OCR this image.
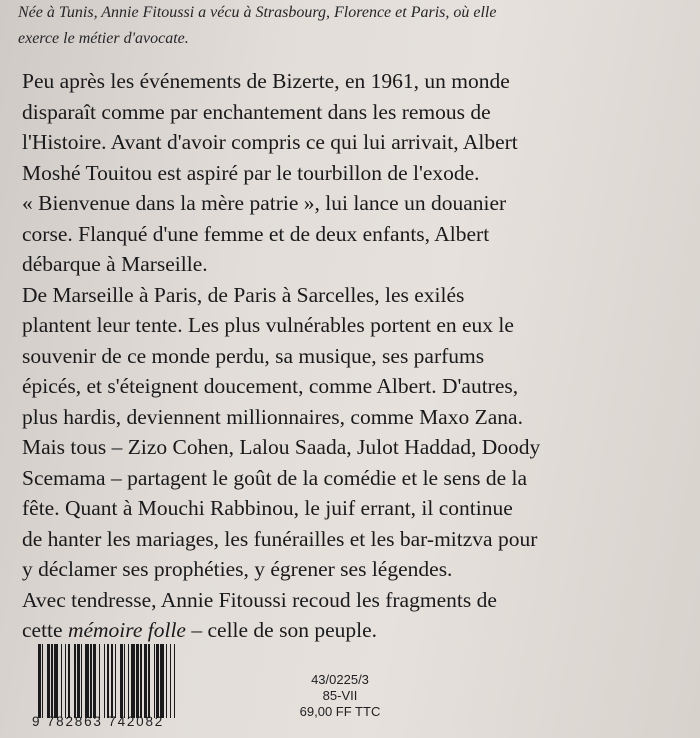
Née à Tunis, Annie Fitoussi a vécu à Strasbourg, Florence et Paris, où elle
exerce le métier d'avocate.
Peu après les événements de Bizerte, en 1961, un monde
disparaît comme par enchantement dans les remous de
l'Histoire. Avant d'avoir compris ce qui lui arrivait, Albert
Moshé Touitou est aspiré par le tourbillon de l'exode.
« Bienvenue dans la mère patrie », lui lance un douanier
corse. Flanqué d'une femme et de deux enfants, Albert
débarque à Marseille.
De Marseille à Paris, de Paris à Sarcelles, les exilés
plantent leur tente. Les plus vulnérables portent en eux le
souvenir de ce monde perdu, sa musique, ses parfums
épicés, et s'éteignent doucement, comme Albert. D'autres,
plus hardis, deviennent millionnaires, comme Maxo Zana.
Mais tous – Zizo Cohen, Lalou Saada, Julot Haddad, Doody
Scemama – partagent le goût de la comédie et le sens de la
fête. Quant à Mouchi Rabbinou, le juif errant, il continue
de hanter les mariages, les funérailles et les bar-mitzva pour
y déclamer ses prophéties, y égrener ses légendes.
Avec tendresse, Annie Fitoussi recoud les fragments de
cette mémoire folle – celle de son peuple.
9 782863 742082
43/0225/3
85-VII
69,00 FF TTC
